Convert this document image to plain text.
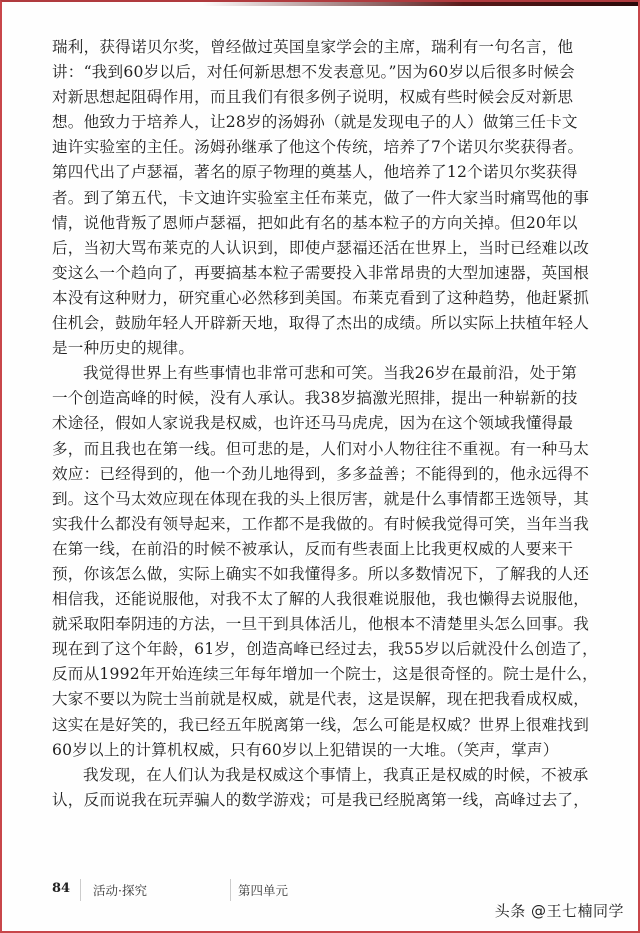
瑞利，获得诺贝尔奖，曾经做过英国皇家学会的主席，瑞利有一句名言，他
讲：“我到60岁以后，对任何新思想不发表意见。”因为60岁以后很多时候会
对新思想起阻碍作用，而且我们有很多例子说明，权威有些时候会反对新思
想。他致力于培养人，让28岁的汤姆孙（就是发现电子的人）做第三任卡文
迪许实验室的主任。汤姆孙继承了他这个传统，培养了7个诺贝尔奖获得者。
第四代出了卢瑟福，著名的原子物理的奠基人，他培养了12个诺贝尔奖获得
者。到了第五代，卡文迪许实验室主任布莱克，做了一件大家当时痛骂他的事
情，说他背叛了恩师卢瑟福，把如此有名的基本粒子的方向关掉。但20年以
后，当初大骂布莱克的人认识到，即使卢瑟福还活在世界上，当时已经难以改
变这么一个趋向了，再要搞基本粒子需要投入非常昂贵的大型加速器，英国根
本没有这种财力，研究重心必然移到美国。布莱克看到了这种趋势，他赶紧抓
住机会，鼓励年轻人开辟新天地，取得了杰出的成绩。所以实际上扶植年轻人
是一种历史的规律。
我觉得世界上有些事情也非常可悲和可笑。当我26岁在最前沿，处于第
一个创造高峰的时候，没有人承认。我38岁搞激光照排，提出一种崭新的技
术途径，假如人家说我是权威，也许还马马虎虎，因为在这个领域我懂得最
多，而且我也在第一线。但可悲的是，人们对小人物往往不重视。有一种马太
效应：已经得到的，他一个劲儿地得到，多多益善；不能得到的，他永远得不
到。这个马太效应现在体现在我的头上很厉害，就是什么事情都王选领导，其
实我什么都没有领导起来，工作都不是我做的。有时候我觉得可笑，当年当我
在第一线，在前沿的时候不被承认，反而有些表面上比我更权威的人要来干
预，你该怎么做，实际上确实不如我懂得多。所以多数情况下，了解我的人还
相信我，还能说服他，对我不太了解的人我很难说服他，我也懒得去说服他，
就采取阳奉阴违的方法，一旦干到具体活儿，他根本不清楚里头怎么回事。我
现在到了这个年龄，61岁，创造高峰已经过去，我55岁以后就没什么创造了，
反而从1992年开始连续三年每年增加一个院士，这是很奇怪的。院士是什么，
大家不要以为院士当前就是权威，就是代表，这是误解，现在把我看成权威，
这实在是好笑的，我已经五年脱离第一线，怎么可能是权威？世界上很难找到
60岁以上的计算机权威，只有60岁以上犯错误的一大堆。（笑声，掌声）
我发现，在人们认为我是权威这个事情上，我真正是权威的时候，不被承
认，反而说我在玩弄骗人的数学游戏；可是我已经脱离第一线，高峰过去了，
84 活动·探究	第四单元
头条 @王七楠同学
